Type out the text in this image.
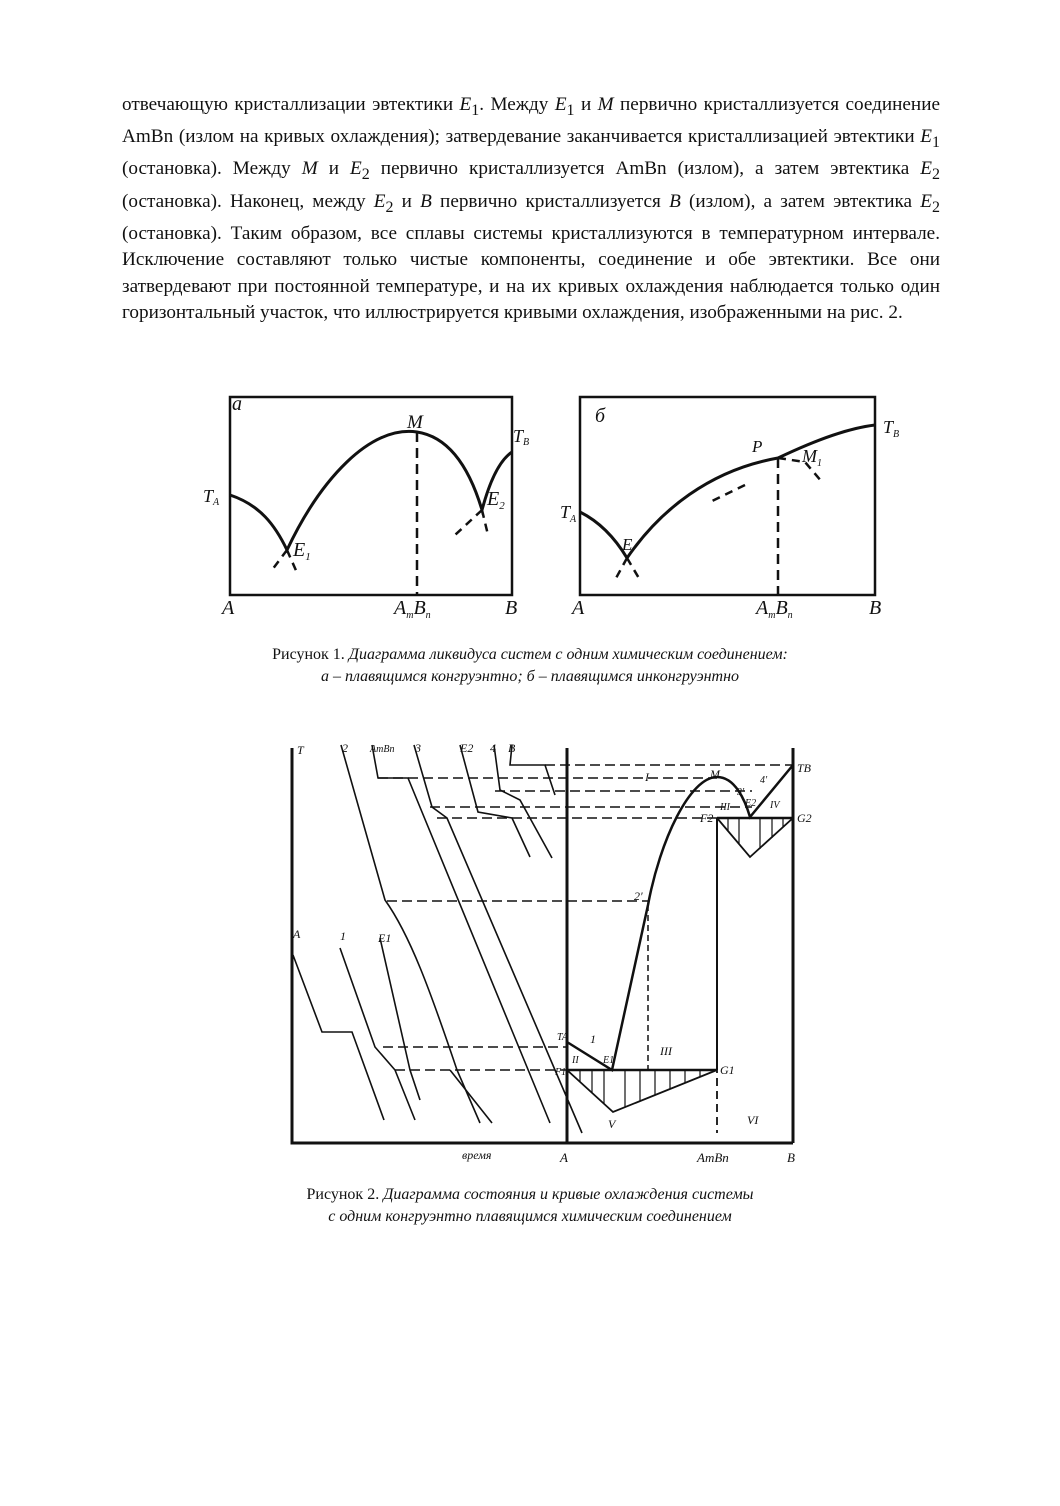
отвечающую кристаллизации эвтектики $E_1$. Между $E_1$ и M первично кристаллизуется соединение AmBn (излом на кривых охлаждения); затвердевание заканчивается кристаллизацией эвтектики $E_1$ (остановка). Между M и $E_2$ первично кристаллизуется AmBn (излом), а затем эвтектика $E_2$ (остановка). Наконец, между $E_2$ и B первично кристаллизуется B (излом), а затем эвтектика $E_2$ (остановка). Таким образом, все сплавы системы кристаллизуются в температурном интервале. Исключение составляют только чистые компоненты, соединение и обе эвтектики. Все они затвердевают при постоянной температуре, и на их кривых охлаждения наблюдается только один горизонтальный участок, что иллюстрируется кривыми охлаждения, изображенными на рис. 2.

а
M
TB
TA
$E_1$
$E_2$
A	$A_mB_n$	B
б
P $M_1$
$T_B$
$T_A$
E
A	$A_mB_n$	B
T	2 AmBn 3	E2 4 B
A	1	E1
I	M
3'
4'
E2
TB
III	IV
F2	G2
2'
TA 1
E1
II
III
F1	G1
V	VI
время	A	AmBn	B
Рисунок 1. Диаграмма ликвидуса систем с одним химическим соединением:
а – плавящимся конгруэнтно; б – плавящимся инконгруэнтно
Рисунок 2. Диаграмма состояния и кривые охлаждения системы
с одним конгруэнтно плавящимся химическим соединением
